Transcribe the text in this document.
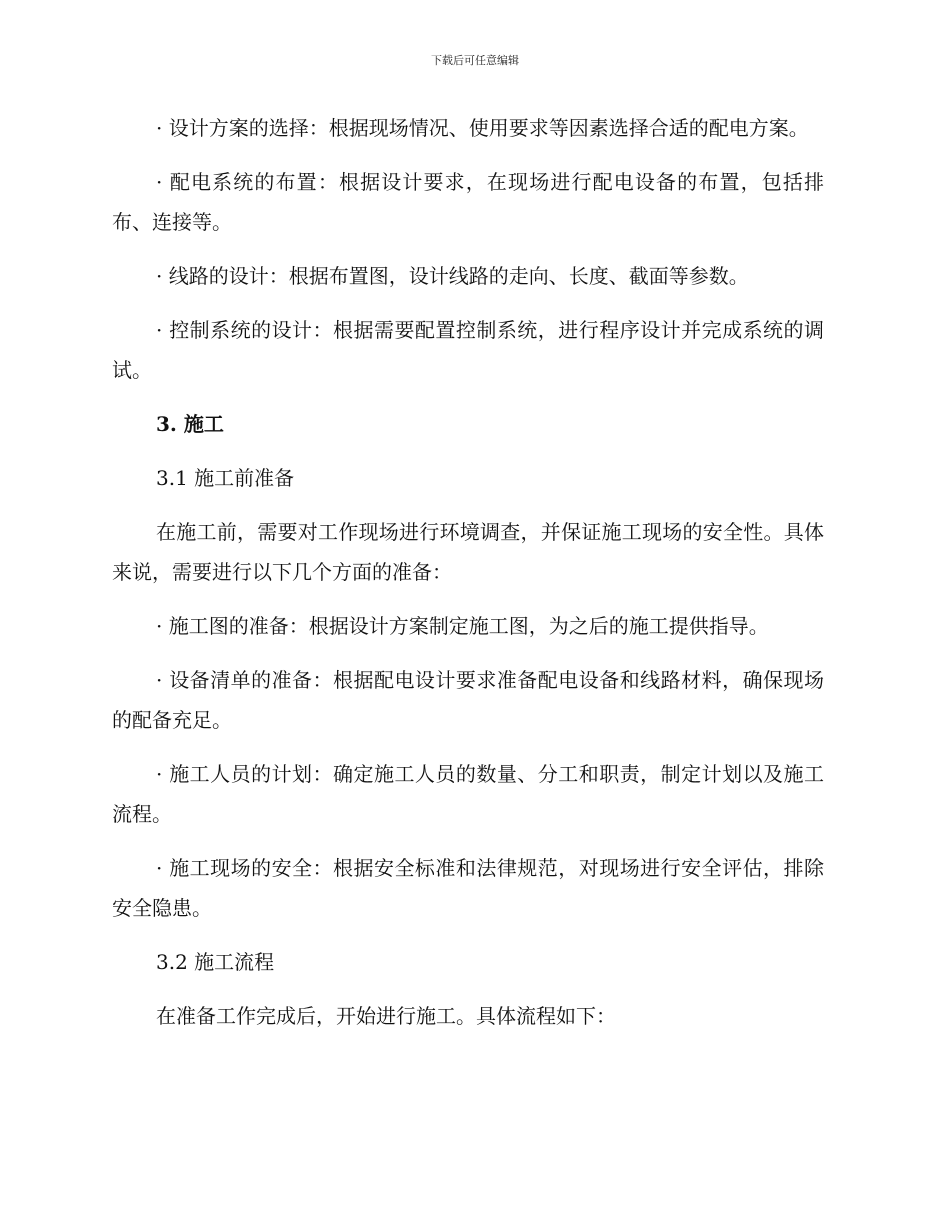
下载后可任意编辑

· 设计方案的选择：根据现场情况、使用要求等因素选择合适的配电方案。

· 配电系统的布置：根据设计要求，在现场进行配电设备的布置，包括排布、连接等。

· 线路的设计：根据布置图，设计线路的走向、长度、截面等参数。

· 控制系统的设计：根据需要配置控制系统，进行程序设计并完成系统的调试。

3. 施工

3.1 施工前准备

在施工前，需要对工作现场进行环境调查，并保证施工现场的安全性。具体来说，需要进行以下几个方面的准备：

· 施工图的准备：根据设计方案制定施工图，为之后的施工提供指导。

· 设备清单的准备：根据配电设计要求准备配电设备和线路材料，确保现场的配备充足。

· 施工人员的计划：确定施工人员的数量、分工和职责，制定计划以及施工流程。

· 施工现场的安全：根据安全标准和法律规范，对现场进行安全评估，排除安全隐患。

3.2 施工流程

在准备工作完成后，开始进行施工。具体流程如下：
